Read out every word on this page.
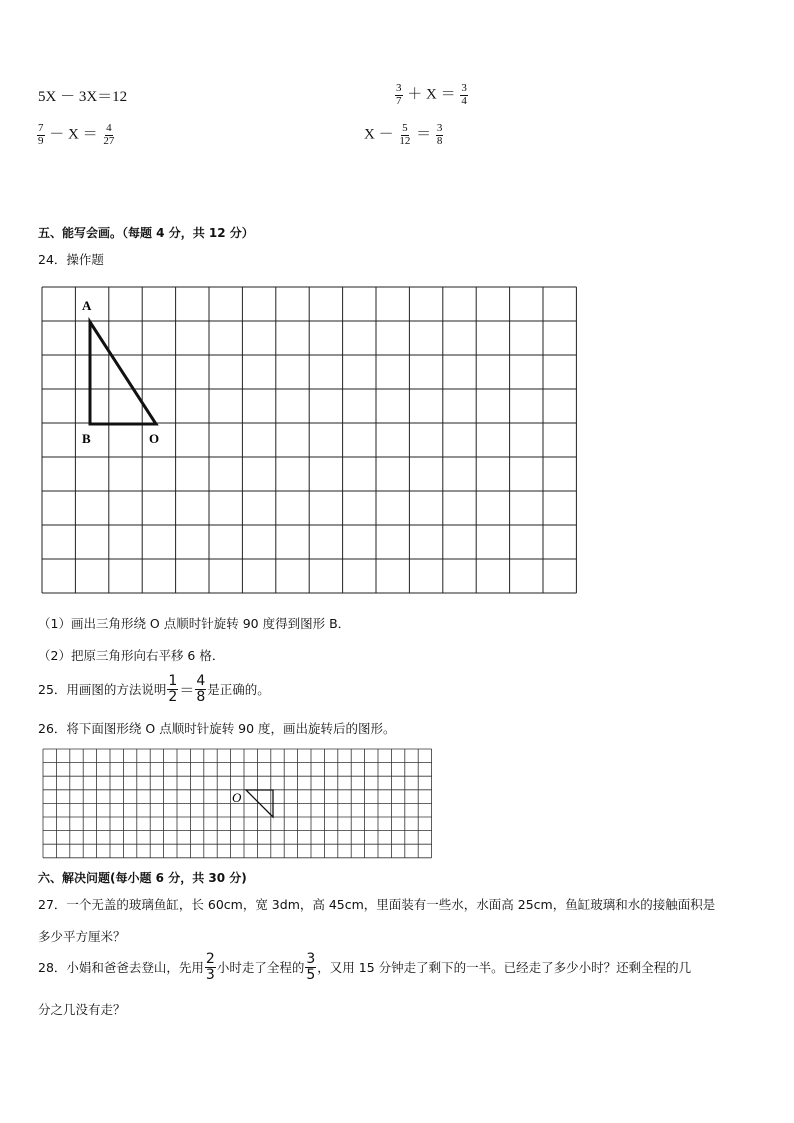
5X － 3X＝12	$\frac{3}{7} + X = \frac{3}{4}$
$\frac{7}{9} - X = \frac{4}{27}$	$X - \frac{5}{12} = \frac{3}{8}$
五、能写会画。（每题 4 分，共 12 分）
24．操作题
A
B	O
O
（1）画出三角形绕 O 点顺时针旋转 90 度得到图形 B．
（2）把原三角形向右平移 6 格．
25．用画图的方法说明 $\frac{1}{2} = \frac{4}{8}$ 是正确的。
26．将下面图形绕 O 点顺时针旋转 90 度，画出旋转后的图形。
六、解决问题(每小题 6 分，共 30 分)
27．一个无盖的玻璃鱼缸，长 60cm，宽 3dm，高 45cm，里面装有一些水，水面高 25cm，鱼缸玻璃和水的接触面积是
多少平方厘米？
28．小娟和爸爸去登山，先用 $\frac{2}{3}$ 小时走了全程的 $\frac{3}{5}$ ，又用 15 分钟走了剩下的一半。已经走了多少小时？还剩全程的几
分之几没有走？
